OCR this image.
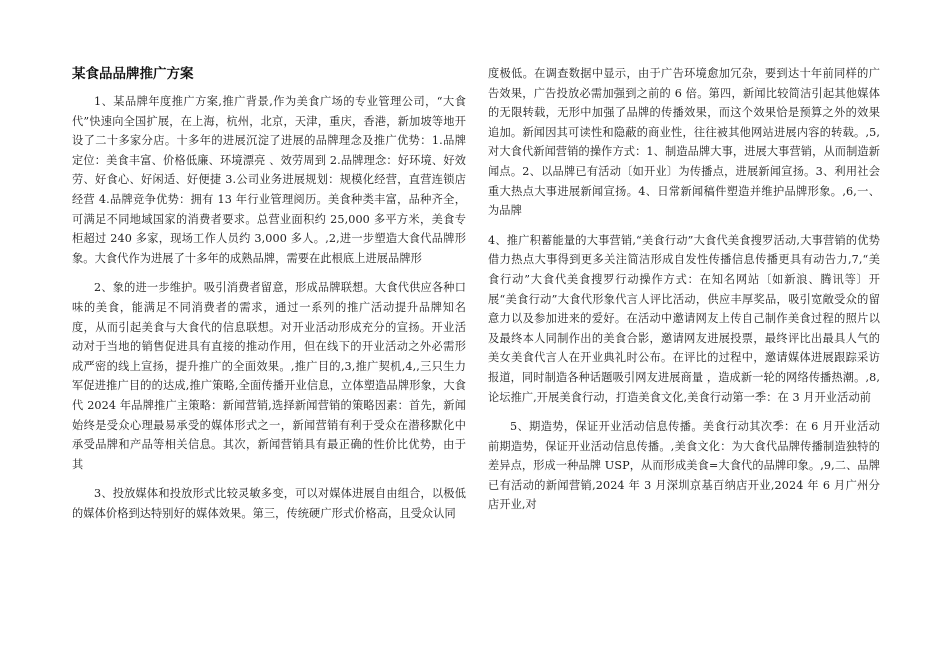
某食品品牌推广方案

1、某品牌年度推广方案,推广背景,作为美食广场的专业管理公司，“大食代”快速向全国扩展，在上海，杭州，北京，天津，重庆，香港，新加坡等地开设了二十多家分店。十多年的进展沉淀了进展的品牌理念及推广优势：1.品牌定位：美食丰富、价格低廉、环境漂亮 、效劳周到 2.品牌理念：好环境、好效劳、好食心、好闲适、好便捷 3.公司业务进展规划：规模化经营，直营连锁店经营 4.品牌竞争优势：拥有 13 年行业管理阅历。美食种类丰富，品种齐全，可满足不同地域国家的消费者要求。总营业面积约 25,000 多平方米，美食专柜超过 240 多家，现场工作人员约 3,000 多人。,2,进一步塑造大食代品牌形象。大食代作为进展了十多年的成熟品牌，需要在此根底上进展品牌形

2、象的进一步维护。吸引消费者留意，形成品牌联想。大食代供应各种口味的美食，能满足不同消费者的需求，通过一系列的推广活动提升品牌知名度，从而引起美食与大食代的信息联想。对开业活动形成充分的宣扬。开业活动对于当地的销售促进具有直接的推动作用，但在线下的开业活动之外必需形成严密的线上宣扬，提升推广的全面效果。,推广目的,3,推广契机,4,,三只生力军促进推广目的的达成,推广策略,全面传播开业信息，立体塑造品牌形象，大食代 2024 年品牌推广主策略：新闻营销,选择新闻营销的策略因素：首先，新闻始终是受众心理最易承受的媒体形式之一，新闻营销有利于受众在潜移默化中承受品牌和产品等相关信息。其次，新闻营销具有最正确的性价比优势，由于其

3、投放媒体和投放形式比较灵敏多变，可以对媒体进展自由组合，以极低的媒体价格到达特别好的媒体效果。第三，传统硬广形式价格高，且受众认同

度极低。在调查数据中显示，由于广告环境愈加冗杂，要到达十年前同样的广告效果，广告投放必需加强到之前的 6 倍。第四，新闻比较简洁引起其他媒体的无限转载，无形中加强了品牌的传播效果，而这个效果恰是预算之外的效果追加。新闻因其可读性和隐蔽的商业性，往往被其他网站进展内容的转载。,5,对大食代新闻营销的操作方式：1、制造品牌大事，进展大事营销，从而制造新闻点。2、以品牌已有活动〔如开业〕为传播点，进展新闻宣扬。3、利用社会重大热点大事进展新闻宣扬。4、日常新闻稿件塑造并维护品牌形象。,6,一、为品牌

4、推广积蓄能量的大事营销,“美食行动”大食代美食搜罗活动,大事营销的优势借力热点大事得到更多关注简洁形成自发性传播信息传播更具有动告力,7,“美食行动”大食代美食搜罗行动操作方式：在知名网站〔如新浪、腾讯等〕开展“美食行动”大食代形象代言人评比活动，供应丰厚奖品，吸引宽敞受众的留意力以及参加进来的爱好。在活动中邀请网友上传自己制作美食过程的照片以及最终本人同制作出的美食合影，邀请网友进展投票，最终评比出最具人气的美女美食代言人在开业典礼时公布。在评比的过程中，邀请媒体进展跟踪采访报道，同时制造各种话题吸引网友进展商量 ，造成新一轮的网络传播热潮。,8,论坛推广,开展美食行动，打造美食文化,美食行动第一季：在 3 月开业活动前

5、期造势，保证开业活动信息传播。美食行动其次季：在 6 月开业活动前期造势，保证开业活动信息传播。,美食文化：为大食代品牌传播制造独特的差异点，形成一种品牌 USP，从而形成美食=大食代的品牌印象。,9,二、品牌已有活动的新闻营销,2024 年 3 月深圳京基百纳店开业,2024 年 6 月广州分店开业,对
